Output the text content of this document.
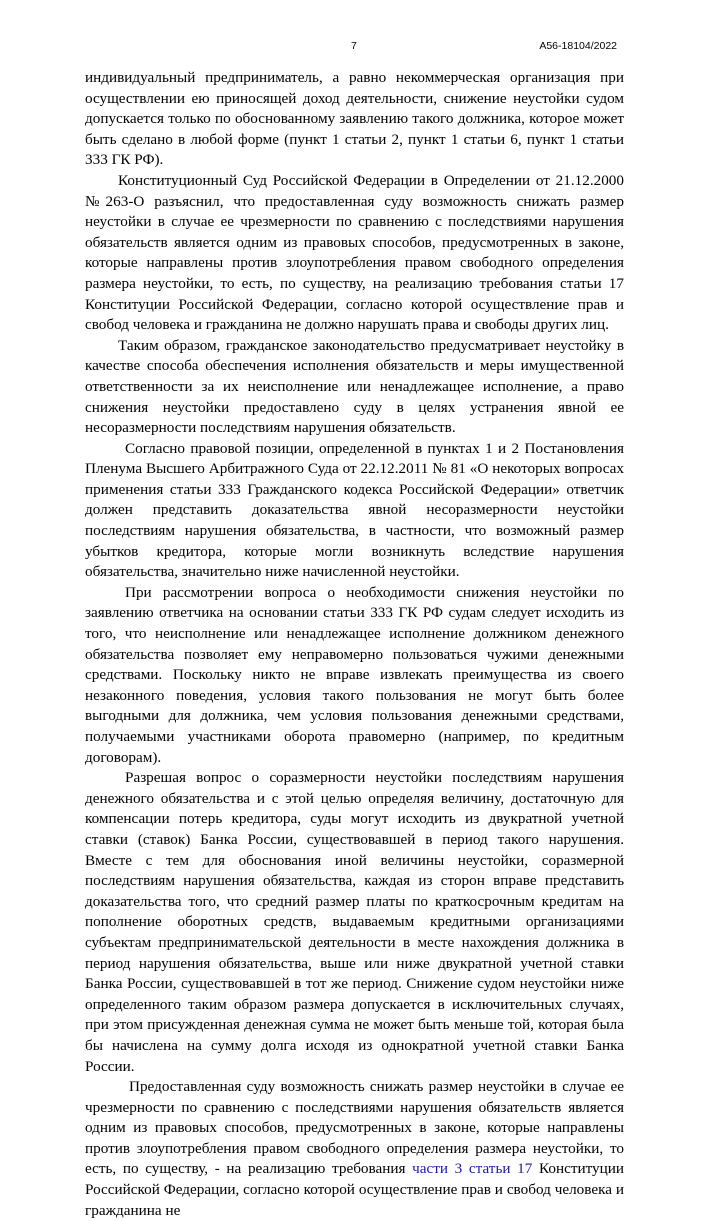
7	А56-18104/2022

индивидуальный предприниматель, а равно некоммерческая организация при осуществлении ею приносящей доход деятельности, снижение неустойки судом допускается только по обоснованному заявлению такого должника, которое может быть сделано в любой форме (пункт 1 статьи 2, пункт 1 статьи 6, пункт 1 статьи 333 ГК РФ).

Конституционный Суд Российской Федерации в Определении от 21.12.2000 №263-О разъяснил, что предоставленная суду возможность снижать размер неустойки в случае ее чрезмерности по сравнению с последствиями нарушения обязательств является одним из правовых способов, предусмотренных в законе, которые направлены против злоупотребления правом свободного определения размера неустойки, то есть, по существу, на реализацию требования статьи 17 Конституции Российской Федерации, согласно которой осуществление прав и свобод человека и гражданина не должно нарушать права и свободы других лиц.

Таким образом, гражданское законодательство предусматривает неустойку в качестве способа обеспечения исполнения обязательств и меры имущественной ответственности за их неисполнение или ненадлежащее исполнение, а право снижения неустойки предоставлено суду в целях устранения явной ее несоразмерности последствиям нарушения обязательств.

Согласно правовой позиции, определенной в пунктах 1 и 2 Постановления Пленума Высшего Арбитражного Суда от 22.12.2011 № 81 «О некоторых вопросах применения статьи 333 Гражданского кодекса Российской Федерации» ответчик должен представить доказательства явной несоразмерности неустойки последствиям нарушения обязательства, в частности, что возможный размер убытков кредитора, которые могли возникнуть вследствие нарушения обязательства, значительно ниже начисленной неустойки.

При рассмотрении вопроса о необходимости снижения неустойки по заявлению ответчика на основании статьи 333 ГК РФ судам следует исходить из того, что неисполнение или ненадлежащее исполнение должником денежного обязательства позволяет ему неправомерно пользоваться чужими денежными средствами. Поскольку никто не вправе извлекать преимущества из своего незаконного поведения, условия такого пользования не могут быть более выгодными для должника, чем условия пользования денежными средствами, получаемыми участниками оборота правомерно (например, по кредитным договорам).

Разрешая вопрос о соразмерности неустойки последствиям нарушения денежного обязательства и с этой целью определяя величину, достаточную для компенсации потерь кредитора, суды могут исходить из двукратной учетной ставки (ставок) Банка России, существовавшей в период такого нарушения. Вместе с тем для обоснования иной величины неустойки, соразмерной последствиям нарушения обязательства, каждая из сторон вправе представить доказательства того, что средний размер платы по краткосрочным кредитам на пополнение оборотных средств, выдаваемым кредитными организациями субъектам предпринимательской деятельности в месте нахождения должника в период нарушения обязательства, выше или ниже двукратной учетной ставки Банка России, существовавшей в тот же период. Снижение судом неустойки ниже определенного таким образом размера допускается в исключительных случаях, при этом присужденная денежная сумма не может быть меньше той, которая была бы начислена на сумму долга исходя из однократной учетной ставки Банка России.

Предоставленная суду возможность снижать размер неустойки в случае ее чрезмерности по сравнению с последствиями нарушения обязательств является одним из правовых способов, предусмотренных в законе, которые направлены против злоупотребления правом свободного определения размера неустойки, то есть, по существу, - на реализацию требования части 3 статьи 17 Конституции Российской Федерации, согласно которой осуществление прав и свобод человека и гражданина не
